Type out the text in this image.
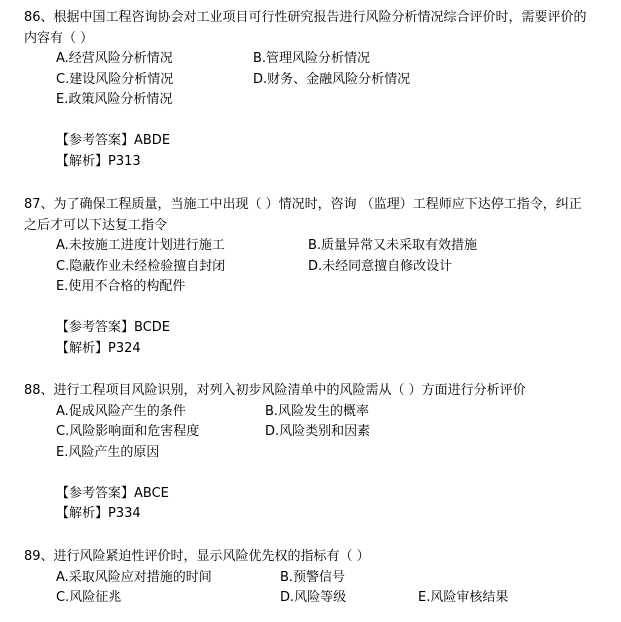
86、根据中国工程咨询协会对工业项目可行性研究报告进行风险分析情况综合评价时，需要评价的内容有（ ）
A.经营风险分析情况	B.管理风险分析情况
C.建设风险分析情况	D.财务、金融风险分析情况
E.政策风险分析情况
【参考答案】ABDE
【解析】P313
87、为了确保工程质量，当施工中出现（ ）情况时，咨询 （监理）工程师应下达停工指令，纠正之后才可以下达复工指令
A.未按施工进度计划进行施工	B.质量异常又未采取有效措施
C.隐蔽作业未经检验擅自封闭	D.未经同意擅自修改设计
E.使用不合格的构配件
【参考答案】BCDE
【解析】P324
88、进行工程项目风险识别，对列入初步风险清单中的风险需从（ ）方面进行分析评价
A.促成风险产生的条件	B.风险发生的概率
C.风险影响面和危害程度	D.风险类别和因素
E.风险产生的原因
【参考答案】ABCE
【解析】P334
89、进行风险紧迫性评价时，显示风险优先权的指标有（ ）
A.采取风险应对措施的时间	B.预警信号
C.风险征兆	D.风险等级	E.风险审核结果
